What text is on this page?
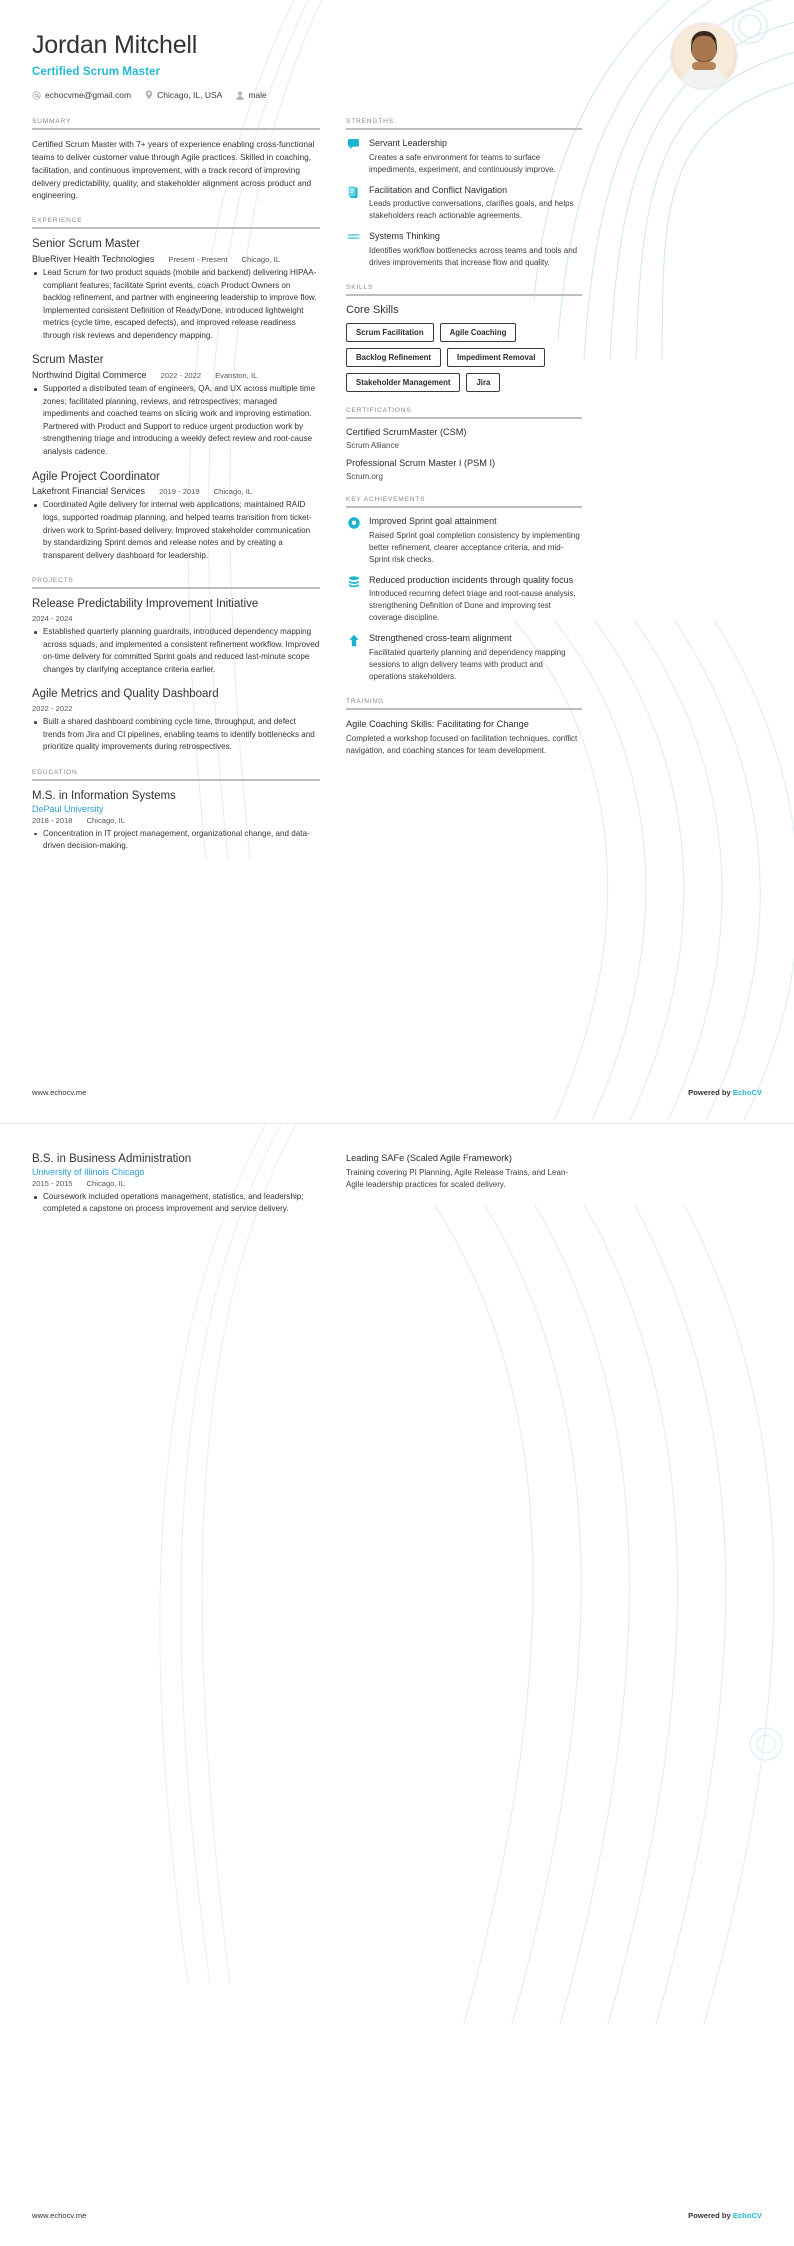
Jordan Mitchell
Certified Scrum Master
echocvme@gmail.com	Chicago, IL, USA	male
SUMMARY
Certified Scrum Master with 7+ years of experience enabling cross-functional teams to deliver customer value through Agile practices. Skilled in coaching, facilitation, and continuous improvement, with a track record of improving delivery predictability, quality, and stakeholder alignment across product and engineering.
EXPERIENCE
Senior Scrum Master
BlueRiver Health Technologies Present - Present Chicago, IL
Lead Scrum for two product squads (mobile and backend) delivering HIPAA-compliant features; facilitate Sprint events, coach Product Owners on backlog refinement, and partner with engineering leadership to improve flow. Implemented consistent Definition of Ready/Done, introduced lightweight metrics (cycle time, escaped defects), and improved release readiness through risk reviews and dependency mapping.
Scrum Master
Northwind Digital Commerce 2022 - 2022 Evanston, IL
Supported a distributed team of engineers, QA, and UX across multiple time zones; facilitated planning, reviews, and retrospectives; managed impediments and coached teams on slicing work and improving estimation. Partnered with Product and Support to reduce urgent production work by strengthening triage and introducing a weekly defect review and root-cause analysis cadence.
Agile Project Coordinator
Lakefront Financial Services 2019 - 2019 Chicago, IL
Coordinated Agile delivery for internal web applications; maintained RAID logs, supported roadmap planning, and helped teams transition from ticket-driven work to Sprint-based delivery. Improved stakeholder communication by standardizing Sprint demos and release notes and by creating a transparent delivery dashboard for leadership.
PROJECTS
Release Predictability Improvement Initiative
2024 - 2024
Established quarterly planning guardrails, introduced dependency mapping across squads, and implemented a consistent refinement workflow. Improved on-time delivery for committed Sprint goals and reduced last-minute scope changes by clarifying acceptance criteria earlier.
Agile Metrics and Quality Dashboard
2022 - 2022
Built a shared dashboard combining cycle time, throughput, and defect trends from Jira and CI pipelines, enabling teams to identify bottlenecks and prioritize quality improvements during retrospectives.
EDUCATION
M.S. in Information Systems
DePaul University
2018 - 2018 Chicago, IL
Concentration in IT project management, organizational change, and data-driven decision-making.
STRENGTHS
Servant Leadership
Creates a safe environment for teams to surface impediments, experiment, and continuously improve.
Facilitation and Conflict Navigation
Leads productive conversations, clarifies goals, and helps stakeholders reach actionable agreements.
Systems Thinking
Identifies workflow bottlenecks across teams and tools and drives improvements that increase flow and quality.
SKILLS
Core Skills
Scrum Facilitation	Agile Coaching
Backlog Refinement	Impediment Removal
Stakeholder Management	Jira
CERTIFICATIONS
Certified ScrumMaster (CSM)
Scrum Alliance
Professional Scrum Master I (PSM I)
Scrum.org
KEY ACHIEVEMENTS
Improved Sprint goal attainment
Raised Sprint goal completion consistency by implementing better refinement, clearer acceptance criteria, and mid-Sprint risk checks.
Reduced production incidents through quality focus
Introduced recurring defect triage and root-cause analysis, strengthening Definition of Done and improving test coverage discipline.
Strengthened cross-team alignment
Facilitated quarterly planning and dependency mapping sessions to align delivery teams with product and operations stakeholders.
TRAINING
Agile Coaching Skills: Facilitating for Change
Completed a workshop focused on facilitation techniques, conflict navigation, and coaching stances for team development.
www.echocv.me	Powered by EchoCV
B.S. in Business Administration
University of Illinois Chicago
2015 - 2015 Chicago, IL
Coursework included operations management, statistics, and leadership; completed a capstone on process improvement and service delivery.
Leading SAFe (Scaled Agile Framework)
Training covering PI Planning, Agile Release Trains, and Lean-Agile leadership practices for scaled delivery.
www.echocv.me	Powered by EchoCV
